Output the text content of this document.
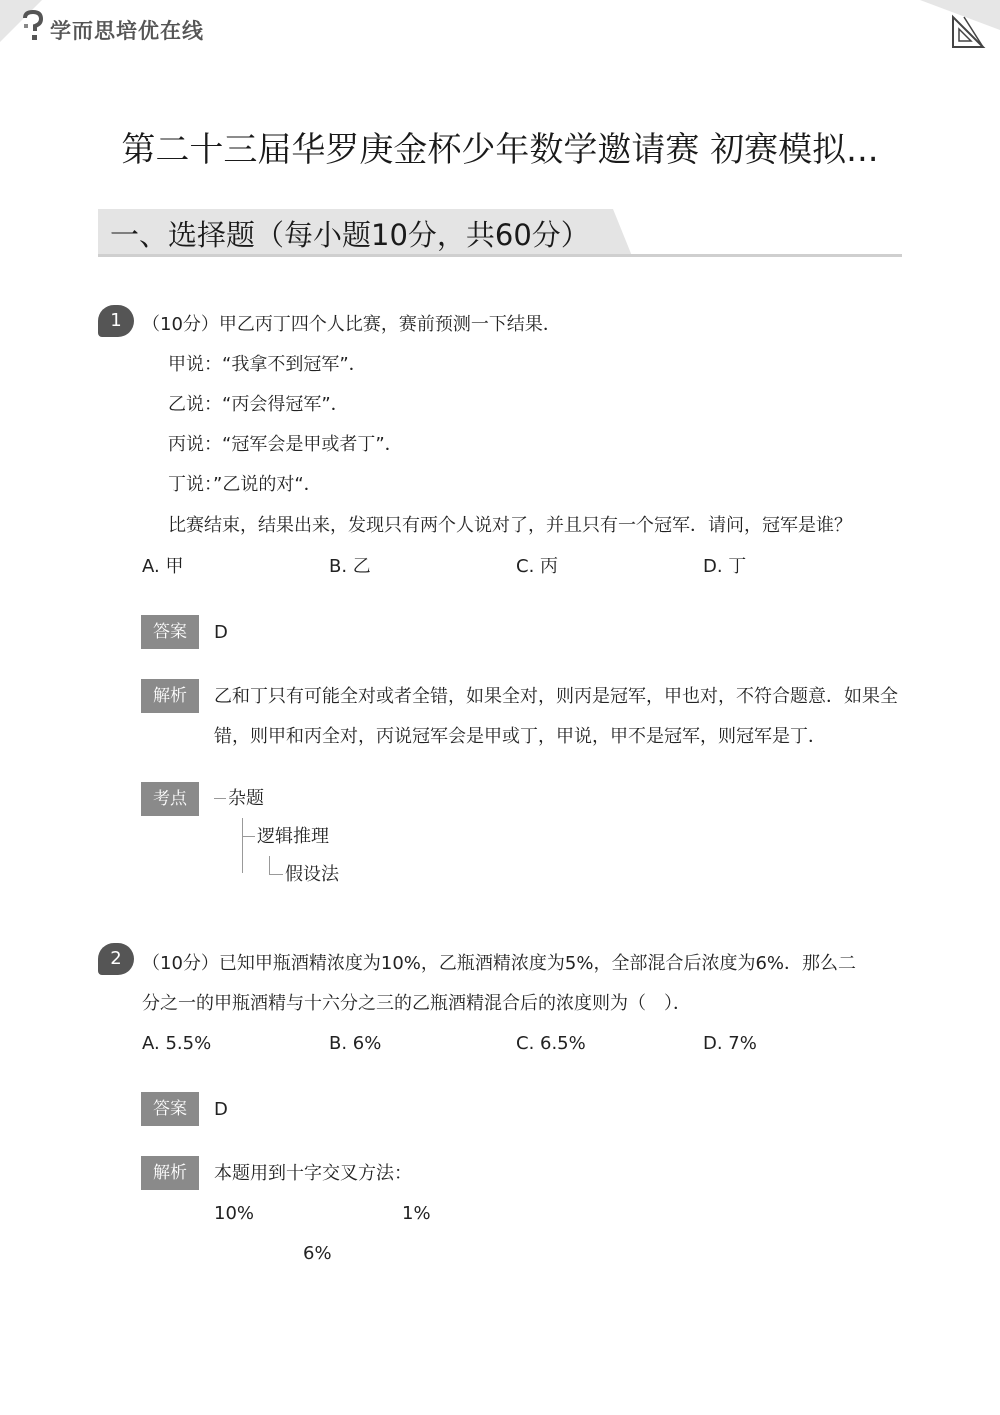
学而思培优在线
第二十三届华罗庚金杯少年数学邀请赛 初赛模拟...
一、选择题（每小题10分，共60分）
1	（10分）甲乙丙丁四个人比赛，赛前预测一下结果．
甲说：“我拿不到冠军”．
乙说：“丙会得冠军”．
丙说：“冠军会是甲或者丁”．
丁说：”乙说的对“．
比赛结束，结果出来，发现只有两个人说对了，并且只有一个冠军．请问，冠军是谁？
A. 甲	B. 乙	C. 丙	D. 丁
答案	D
解析	乙和丁只有可能全对或者全错，如果全对，则丙是冠军，甲也对，不符合题意．如果全
错，则甲和丙全对，丙说冠军会是甲或丁，甲说，甲不是冠军，则冠军是丁．
考点	杂题
逻辑推理
假设法
2	（10分）已知甲瓶酒精浓度为10%，乙瓶酒精浓度为5%，全部混合后浓度为6%．那么二
分之一的甲瓶酒精与十六分之三的乙瓶酒精混合后的浓度则为（　）．
A. 5.5%	B. 6%	C. 6.5%	D. 7%
答案	D
解析	本题用到十字交叉方法：
10%	1%
6%
